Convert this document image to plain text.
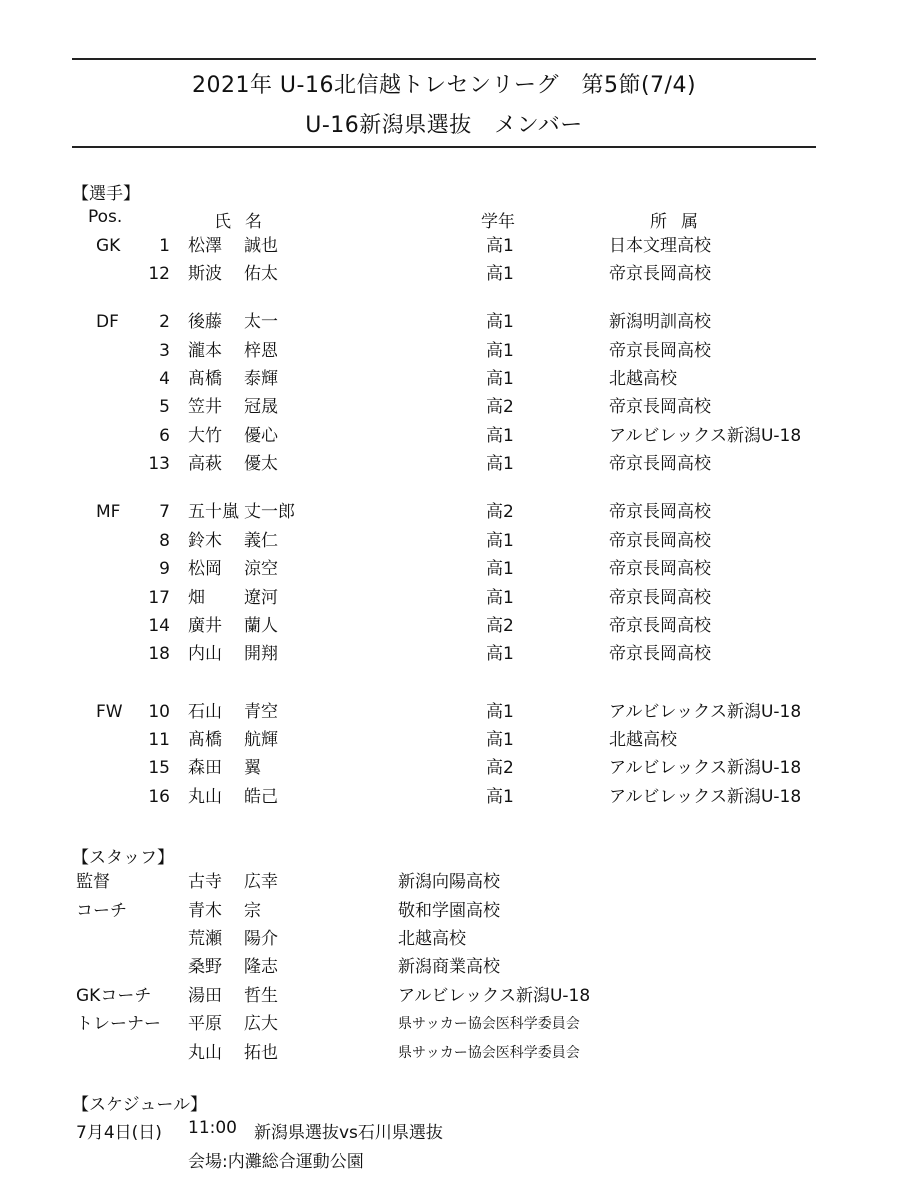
2021年 U-16北信越トレセンリーグ　第5節(7/4)
U-16新潟県選抜　メンバー
【選手】
Pos.	氏名	学年	所属
GK	1 松澤 誠也	高1	日本文理高校
12 斯波 佑太	高1	帝京長岡高校
DF	2 後藤 太一	高1	新潟明訓高校
3 瀧本 梓恩	高1	帝京長岡高校
4 髙橋 泰輝	高1	北越高校
5 笠井 冠晟	高2	帝京長岡高校
6 大竹 優心	高1	アルビレックス新潟U-18
13 高萩 優太	高1	帝京長岡高校
MF	7 五十嵐 丈一郎	高2	帝京長岡高校
8 鈴木 義仁	高1	帝京長岡高校
9 松岡 涼空	高1	帝京長岡高校
17 畑 遼河	高1	帝京長岡高校
14 廣井 蘭人	高2	帝京長岡高校
18 内山 開翔	高1	帝京長岡高校
FW	10 石山 青空	高1	アルビレックス新潟U-18
11 髙橋 航輝	高1	北越高校
15 森田 翼	高2	アルビレックス新潟U-18
16 丸山 皓己	高1	アルビレックス新潟U-18
【スタッフ】
監督	古寺 広幸	新潟向陽高校
コーチ	青木 宗	敬和学園高校
荒瀬 陽介	北越高校
桑野 隆志	新潟商業高校
GKコーチ 湯田 哲生	アルビレックス新潟U-18
トレーナー 平原 広大	県サッカー協会医科学委員会
丸山 拓也	県サッカー協会医科学委員会
【スケジュール】
7月4日(日) 11:00 新潟県選抜vs石川県選抜
会場:内灘総合運動公園
